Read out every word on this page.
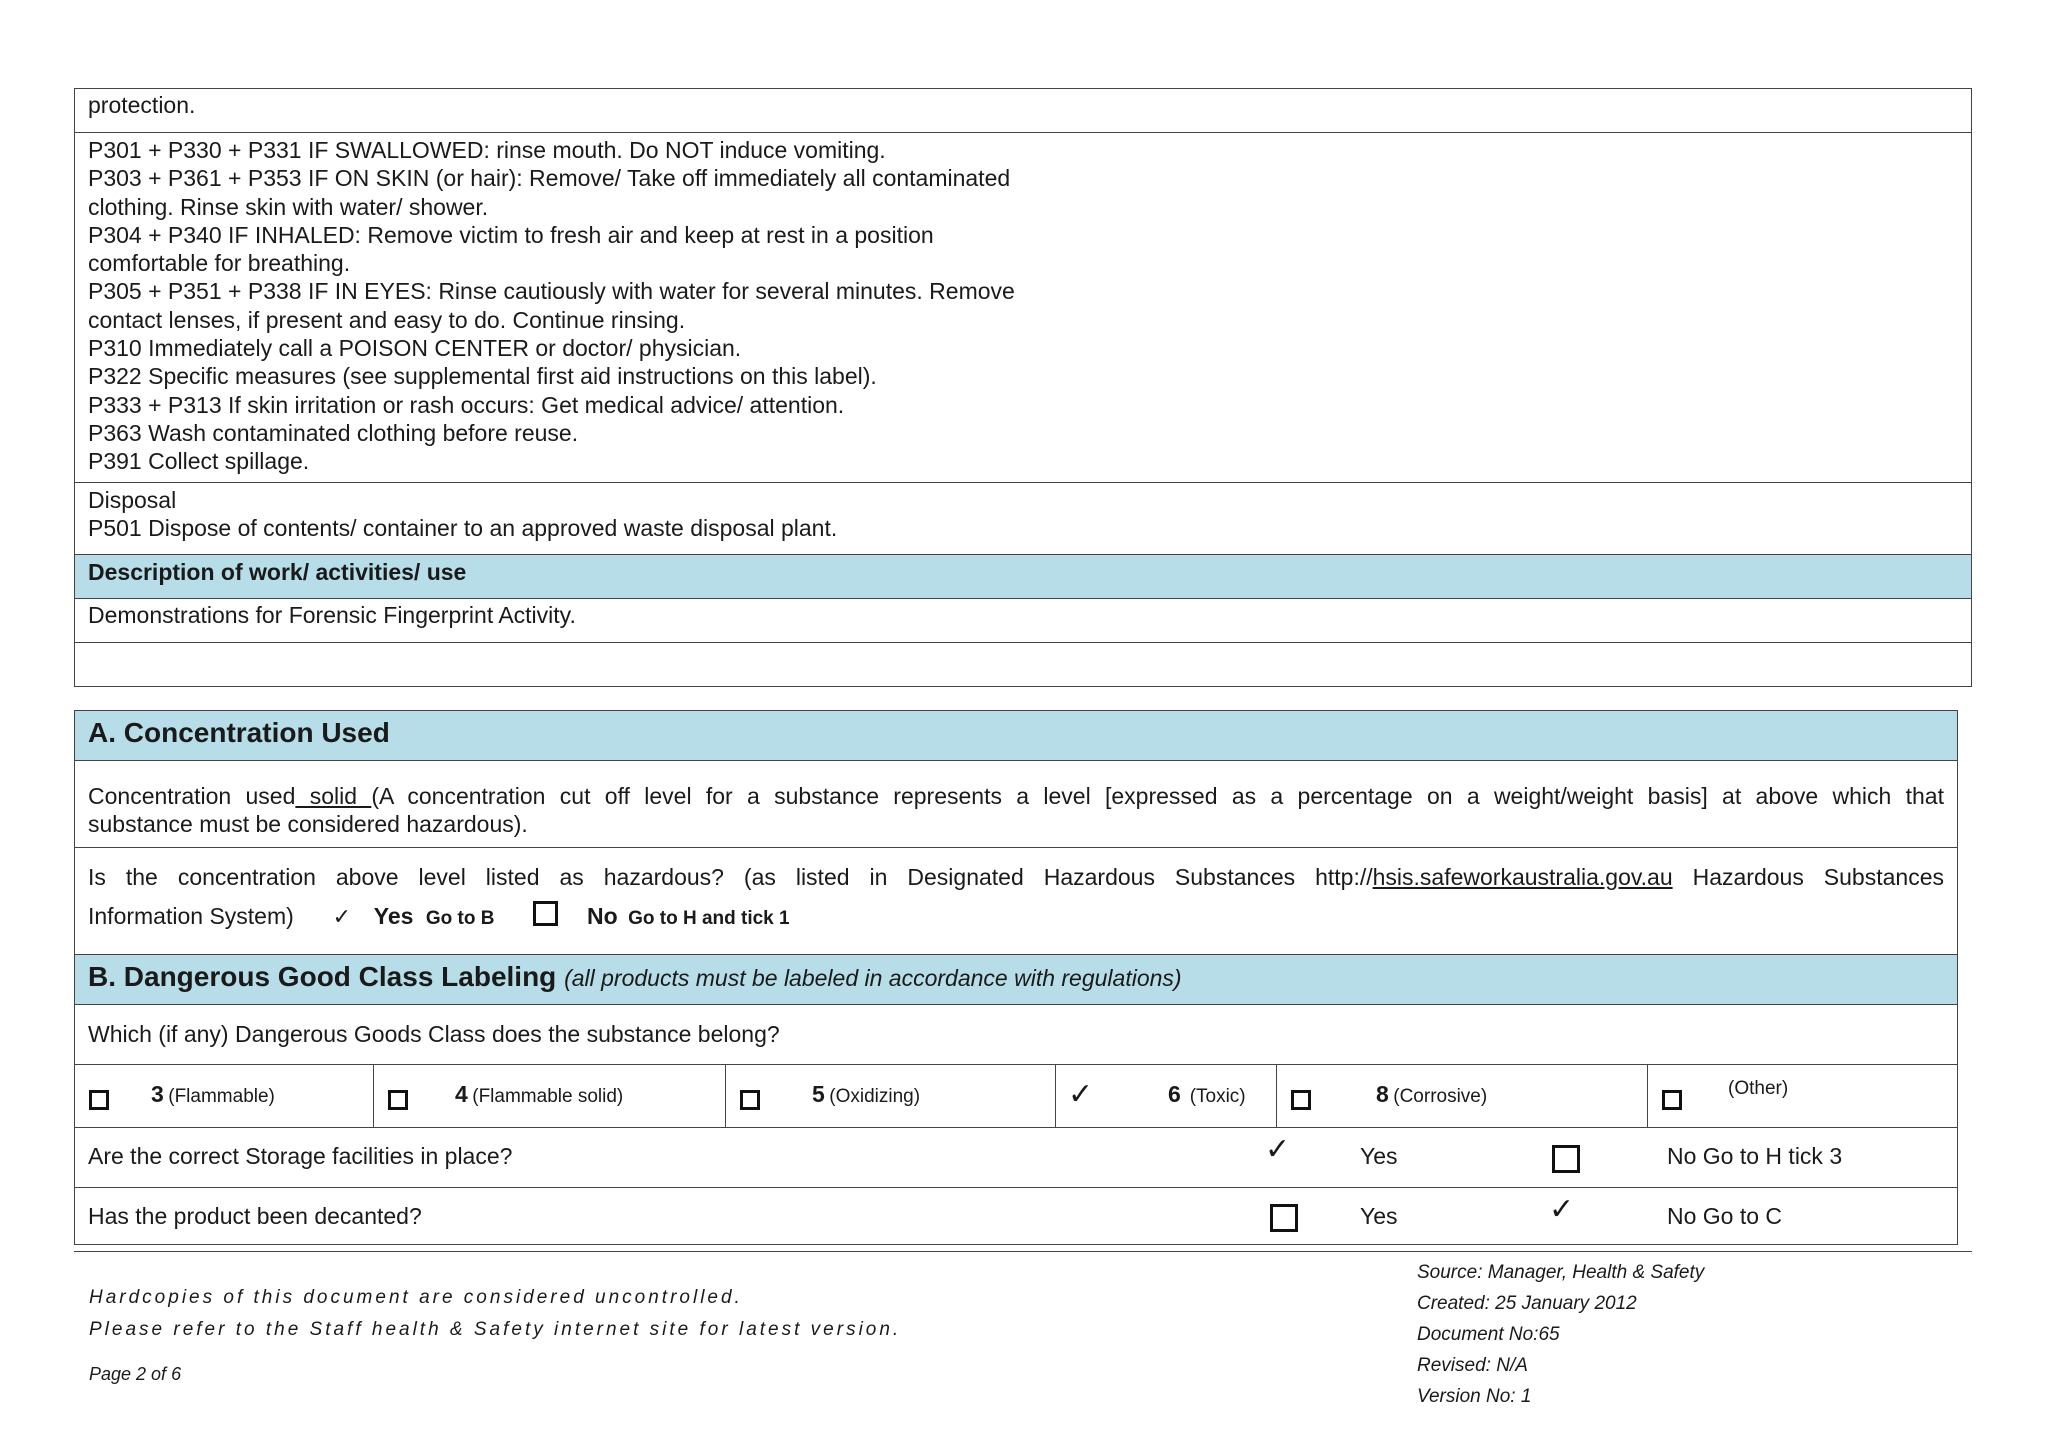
protection.

P301 + P330 + P331 IF SWALLOWED: rinse mouth. Do NOT induce vomiting.
P303 + P361 + P353 IF ON SKIN (or hair): Remove/ Take off immediately all contaminated
clothing. Rinse skin with water/ shower.
P304 + P340 IF INHALED: Remove victim to fresh air and keep at rest in a position
comfortable for breathing.
P305 + P351 + P338 IF IN EYES: Rinse cautiously with water for several minutes. Remove
contact lenses, if present and easy to do. Continue rinsing.
P310 Immediately call a POISON CENTER or doctor/ physician.
P322 Specific measures (see supplemental first aid instructions on this label).
P333 + P313 If skin irritation or rash occurs: Get medical advice/ attention.
P363 Wash contaminated clothing before reuse.
P391 Collect spillage.

Disposal
P501 Dispose of contents/ container to an approved waste disposal plant.

Description of work/ activities/ use
Demonstrations for Forensic Fingerprint Activity.

A. Concentration Used
Concentration used solid (A concentration cut off level for a substance represents a level [expressed as a percentage on a weight/weight basis] at above which that
substance must be considered hazardous).
Is the concentration above level listed as hazardous? (as listed in Designated Hazardous Substances http://hsis.safeworkaustralia.gov.au Hazardous Substances
Information System) ✓ Yes Go to B	No Go to H and tick 1
B. Dangerous Good Class Labeling (all products must be labeled in accordance with regulations)
Which (if any) Dangerous Goods Class does the substance belong?
3 (Flammable)	4 (Flammable solid)	5 (Oxidizing)	✓	6 (Toxic)	8 (Corrosive)	(Other)
Are the correct Storage facilities in place?	✓	Yes	No Go to H tick 3
Has the product been decanted?	Yes	✓	No Go to C
Hardcopies of this document are considered uncontrolled.
Please refer to the Staff health & Safety internet site for latest version.
Page 2 of 6
Source: Manager, Health & Safety
Created: 25 January 2012
Document No:65
Revised: N/A
Version No: 1
